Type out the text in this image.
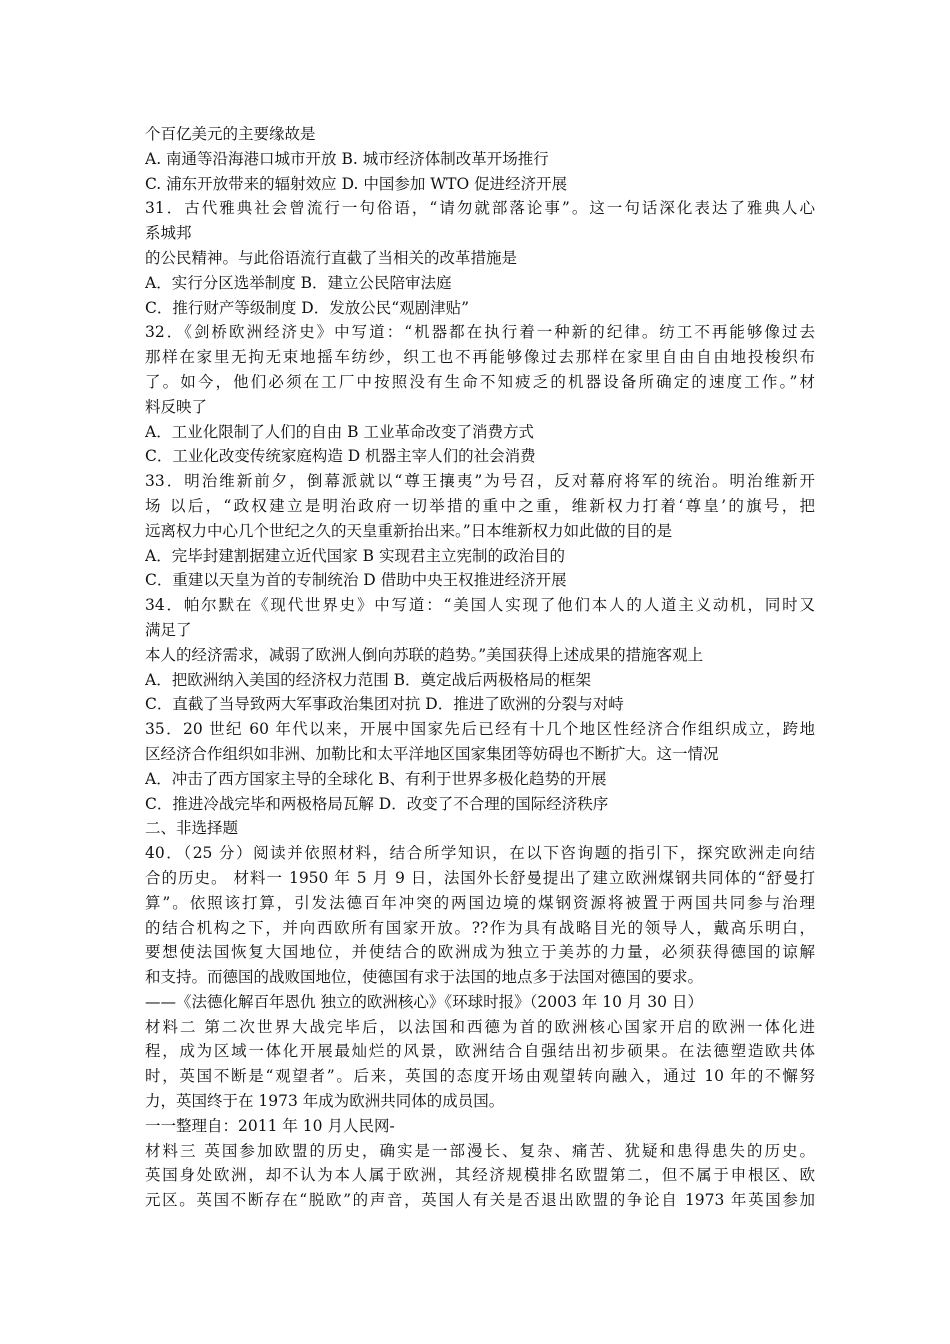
个百亿美元的主要缘故是
A. 南通等沿海港口城市开放 B. 城市经济体制改革开场推行
C. 浦东开放带来的辐射效应 D. 中国参加 WTO 促进经济开展
31．古代雅典社会曾流行一句俗语，“请勿就部落论事”。这一句话深化表达了雅典人心
系城邦
的公民精神。与此俗语流行直截了当相关的改革措施是
A．实行分区选举制度 B．建立公民陪审法庭
C．推行财产等级制度 D．发放公民“观剧津贴”
32．《剑桥欧洲经济史》中写道：“机器都在执行着一种新的纪律。纺工不再能够像过去
那样在家里无拘无束地摇车纺纱，织工也不再能够像过去那样在家里自由自由地投梭织布
了。如今，他们必须在工厂中按照没有生命不知疲乏的机器设备所确定的速度工作。”材
料反映了
A．工业化限制了人们的自由 B 工业革命改变了消费方式
C．工业化改变传统家庭构造 D 机器主宰人们的社会消费
33．明治维新前夕，倒幕派就以“尊王攘夷”为号召，反对幕府将军的统治。明治维新开
场 以后，“政权建立是明治政府一切举措的重中之重，维新权力打着‘尊皇’的旗号，把
远离权力中心几个世纪之久的天皇重新抬出来。”日本维新权力如此做的目的是
A．完毕封建割据建立近代国家 B 实现君主立宪制的政治目的
C．重建以天皇为首的专制统治 D 借助中央王权推进经济开展
34．帕尔默在《现代世界史》中写道：“美国人实现了他们本人的人道主义动机，同时又
满足了
本人的经济需求，减弱了欧洲人倒向苏联的趋势。”美国获得上述成果的措施客观上
A．把欧洲纳入美国的经济权力范围 B．奠定战后两极格局的框架
C．直截了当导致两大军事政治集团对抗 D．推进了欧洲的分裂与对峙
35．20 世纪 60 年代以来，开展中国家先后已经有十几个地区性经济合作组织成立，跨地
区经济合作组织如非洲、加勒比和太平洋地区国家集团等妨碍也不断扩大。这一情况
A．冲击了西方国家主导的全球化 B、有利于世界多极化趋势的开展
C．推进冷战完毕和两极格局瓦解 D．改变了不合理的国际经济秩序
二、非选择题
40．（25 分）阅读并依照材料，结合所学知识，在以下咨询题的指引下，探究欧洲走向结
合的历史。 材料一 1950 年 5 月 9 日，法国外长舒曼提出了建立欧洲煤钢共同体的“舒曼打
算”。依照该打算，引发法德百年冲突的两国边境的煤钢资源将被置于两国共同参与治理
的结合机构之下，并向西欧所有国家开放。??作为具有战略目光的领导人，戴高乐明白，
要想使法国恢复大国地位，并使结合的欧洲成为独立于美苏的力量，必须获得德国的谅解
和支持。而德国的战败国地位，使德国有求于法国的地点多于法国对德国的要求。
——《法德化解百年恩仇 独立的欧洲核心》《环球时报》（2003 年 10 月 30 日）
材料二 第二次世界大战完毕后，以法国和西德为首的欧洲核心国家开启的欧洲一体化进
程，成为区域一体化开展最灿烂的风景，欧洲结合自强结出初步硕果。在法德塑造欧共体
时，英国不断是“观望者”。后来，英国的态度开场由观望转向融入，通过 10 年的不懈努
力，英国终于在 1973 年成为欧洲共同体的成员国。
一一整理自：2011 年 10 月人民网-
材料三 英国参加欧盟的历史，确实是一部漫长、复杂、痛苦、犹疑和患得患失的历史。
英国身处欧洲，却不认为本人属于欧洲，其经济规模排名欧盟第二，但不属于申根区、欧
元区。英国不断存在“脱欧”的声音，英国人有关是否退出欧盟的争论自 1973 年英国参加
